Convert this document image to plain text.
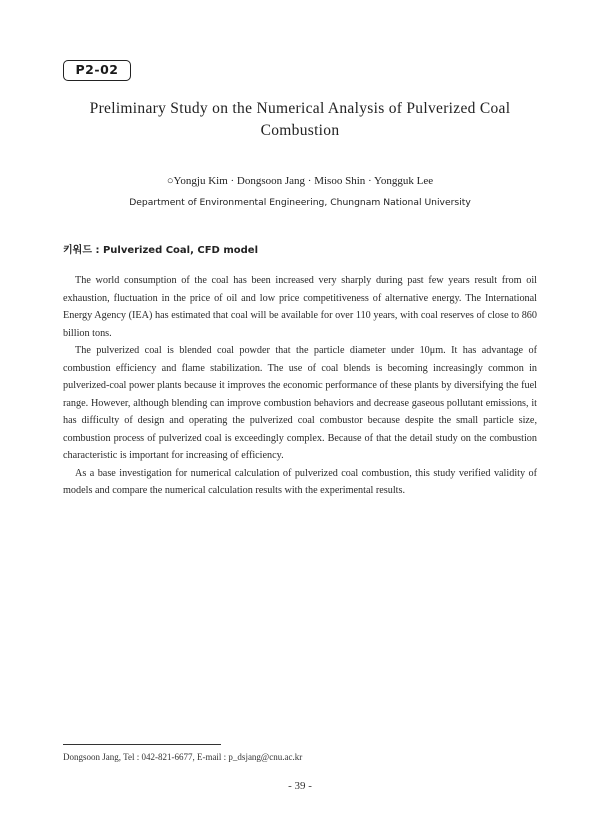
P2-02
Preliminary Study on the Numerical Analysis of Pulverized Coal
Combustion
○Yongju Kim · Dongsoon Jang · Misoo Shin · Yongguk Lee
Department of Environmental Engineering, Chungnam National University
키워드 : Pulverized Coal, CFD model

The world consumption of the coal has been increased very sharply during past few years result from oil exhaustion, fluctuation in the price of oil and low price competitiveness of alternative energy. The International Energy Agency (IEA) has estimated that coal will be available for over 110 years, with coal reserves of close to 860 billion tons.

The pulverized coal is blended coal powder that the particle diameter under 10μm. It has advantage of combustion efficiency and flame stabilization. The use of coal blends is becoming increasingly common in pulverized-coal power plants because it improves the economic performance of these plants by diversifying the fuel range. However, although blending can improve combustion behaviors and decrease gaseous pollutant emissions, it has difficulty of design and operating the pulverized coal combustor because despite the small particle size, combustion process of pulverized coal is exceedingly complex. Because of that the detail study on the combustion characteristic is important for increasing of efficiency.

As a base investigation for numerical calculation of pulverized coal combustion, this study verified validity of models and compare the numerical calculation results with the experimental results.

Dongsoon Jang, Tel : 042-821-6677, E-mail : p_dsjang@cnu.ac.kr
- 39 -
